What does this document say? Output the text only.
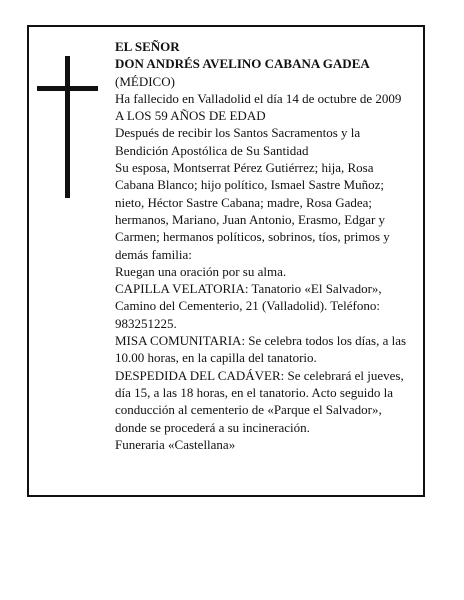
EL SEÑOR

DON ANDRÉS AVELINO CABANA GADEA

(MÉDICO)

Ha fallecido en Valladolid el día 14 de octubre de 2009

A LOS 59 AÑOS DE EDAD

Después de recibir los Santos Sacramentos y la Bendición Apostólica de Su Santidad

Su esposa, Montserrat Pérez Gutiérrez; hija, Rosa Cabana Blanco; hijo político, Ismael Sastre Muñoz; nieto, Héctor Sastre Cabana; madre, Rosa Gadea; hermanos, Mariano, Juan Antonio, Erasmo, Edgar y Carmen; hermanos políticos, sobrinos, tíos, primos y demás familia:

Ruegan una oración por su alma.

CAPILLA VELATORIA: Tanatorio «El Salvador», Camino del Cementerio, 21 (Valladolid). Teléfono: 983251225.

MISA COMUNITARIA: Se celebra todos los días, a las 10.00 horas, en la capilla del tanatorio.

DESPEDIDA DEL CADÁVER: Se celebrará el jueves, día 15, a las 18 horas, en el tanatorio. Acto seguido la conducción al cementerio de «Parque el Salvador», donde se procederá a su incineración.

Funeraria «Castellana»
